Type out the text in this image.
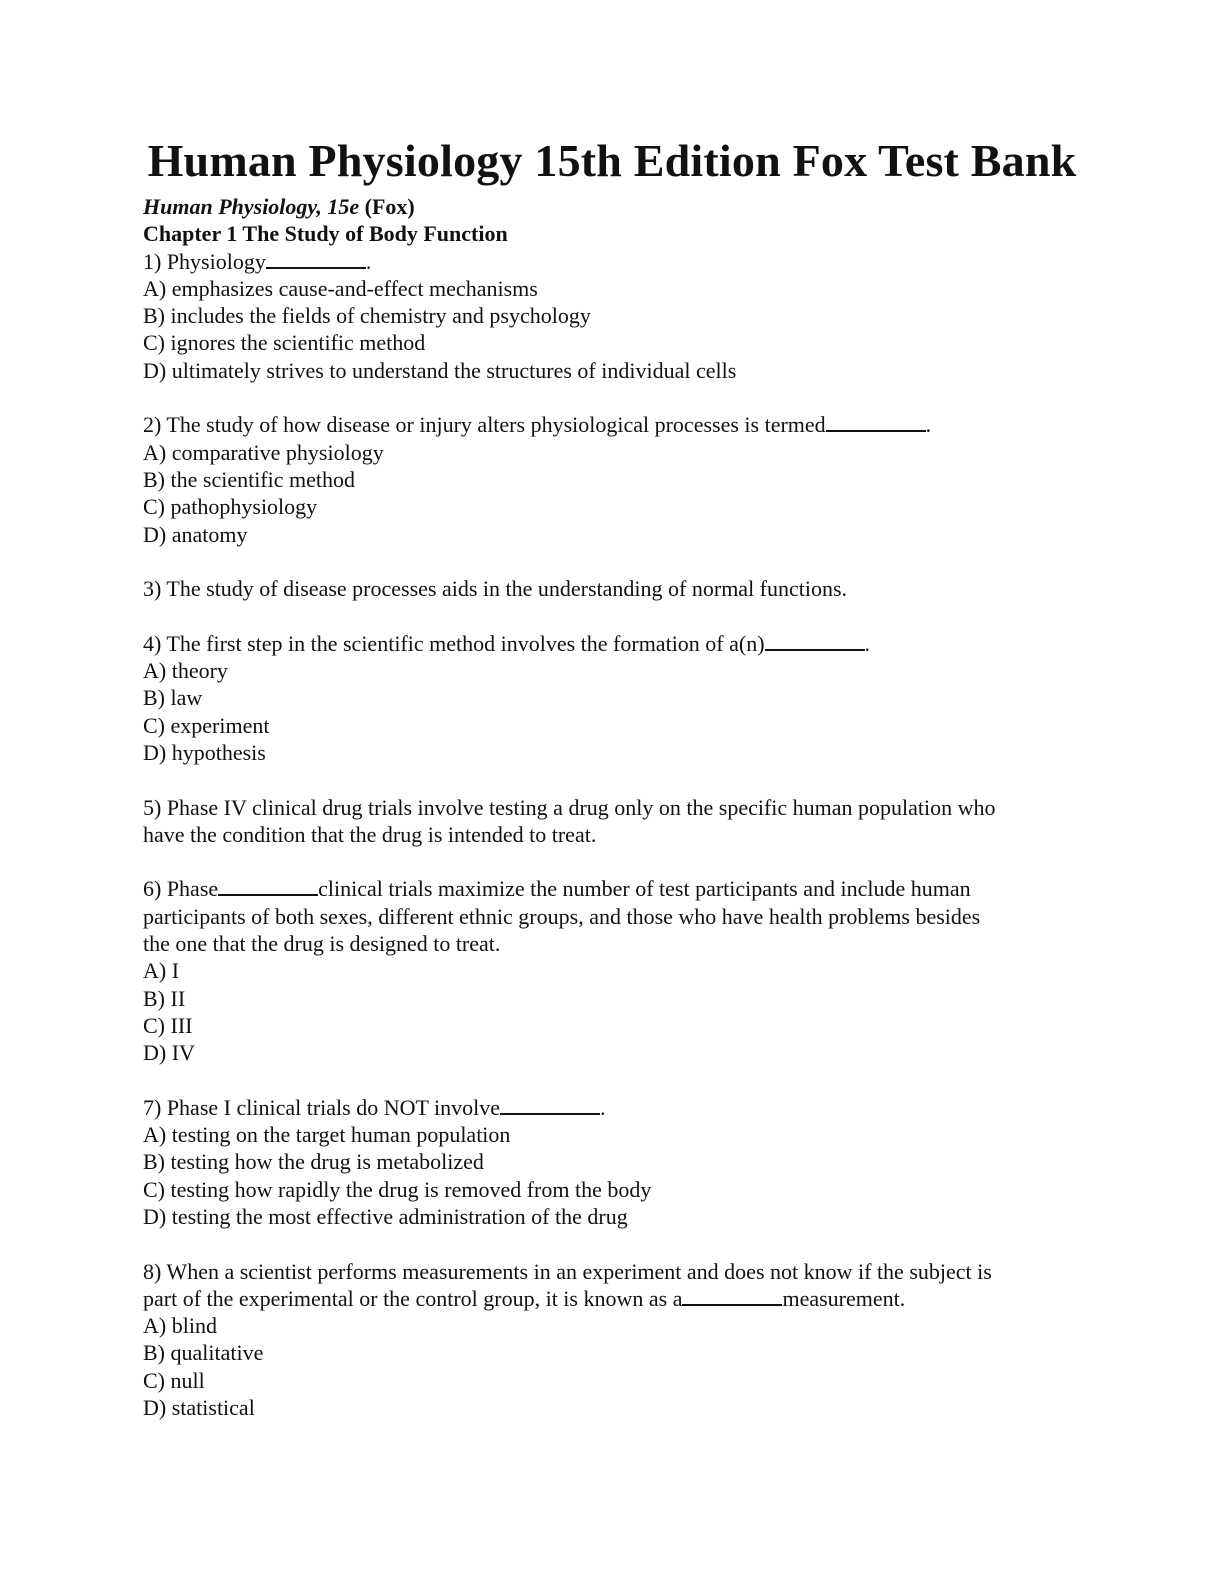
Human Physiology 15th Edition Fox Test Bank
Human Physiology, 15e (Fox)
Chapter 1 The Study of Body Function
1) Physiology	.
A) emphasizes cause-and-effect mechanisms
B) includes the fields of chemistry and psychology
C) ignores the scientific method
D) ultimately strives to understand the structures of individual cells
2) The study of how disease or injury alters physiological processes is termed	.
A) comparative physiology
B) the scientific method
C) pathophysiology
D) anatomy
3) The study of disease processes aids in the understanding of normal functions.
4) The first step in the scientific method involves the formation of a(n)	.
A) theory
B) law
C) experiment
D) hypothesis
5) Phase IV clinical drug trials involve testing a drug only on the specific human population who
have the condition that the drug is intended to treat.
6) Phase	clinical trials maximize the number of test participants and include human
participants of both sexes, different ethnic groups, and those who have health problems besides
the one that the drug is designed to treat.
A) I
B) II
C) III
D) IV
7) Phase I clinical trials do NOT involve	.
A) testing on the target human population
B) testing how the drug is metabolized
C) testing how rapidly the drug is removed from the body
D) testing the most effective administration of the drug
8) When a scientist performs measurements in an experiment and does not know if the subject is
part of the experimental or the control group, it is known as a	measurement.
A) blind
B) qualitative
C) null
D) statistical
